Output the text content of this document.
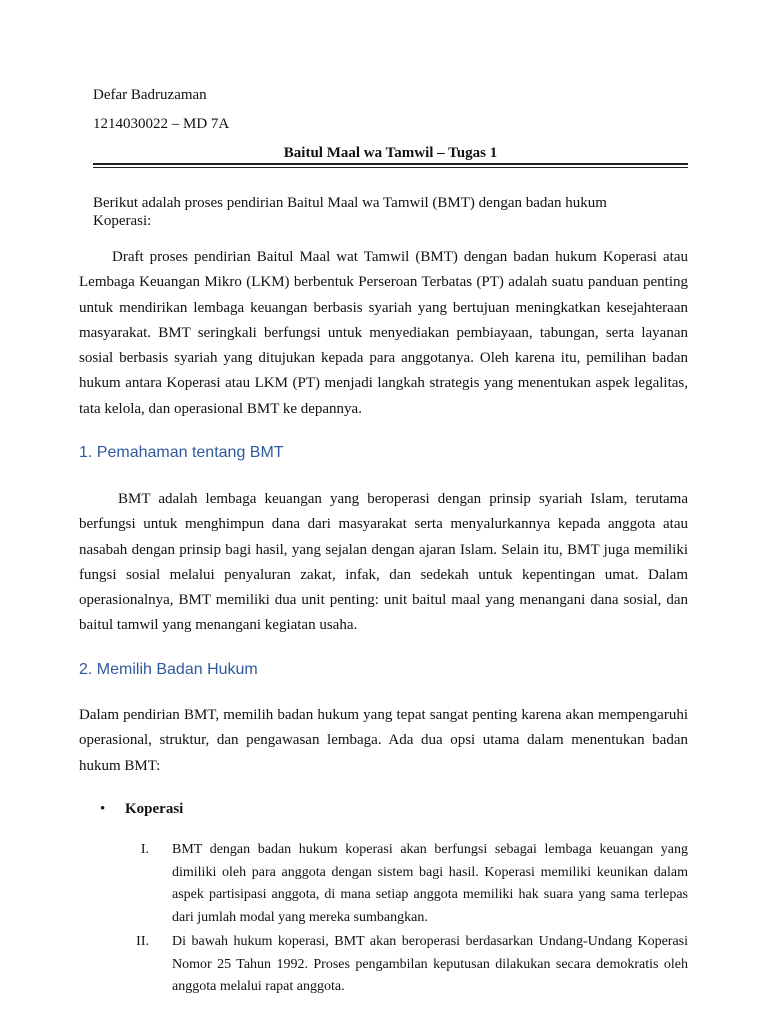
Defar Badruzaman
1214030022 – MD 7A
Baitul Maal wa Tamwil – Tugas 1
Berikut adalah proses pendirian Baitul Maal wa Tamwil (BMT) dengan badan hukum Koperasi:

Draft proses pendirian Baitul Maal wat Tamwil (BMT) dengan badan hukum Koperasi atau Lembaga Keuangan Mikro (LKM) berbentuk Perseroan Terbatas (PT) adalah suatu panduan penting untuk mendirikan lembaga keuangan berbasis syariah yang bertujuan meningkatkan kesejahteraan masyarakat. BMT seringkali berfungsi untuk menyediakan pembiayaan, tabungan, serta layanan sosial berbasis syariah yang ditujukan kepada para anggotanya. Oleh karena itu, pemilihan badan hukum antara Koperasi atau LKM (PT) menjadi langkah strategis yang menentukan aspek legalitas, tata kelola, dan operasional BMT ke depannya.

1. Pemahaman tentang BMT

BMT adalah lembaga keuangan yang beroperasi dengan prinsip syariah Islam, terutama berfungsi untuk menghimpun dana dari masyarakat serta menyalurkannya kepada anggota atau nasabah dengan prinsip bagi hasil, yang sejalan dengan ajaran Islam. Selain itu, BMT juga memiliki fungsi sosial melalui penyaluran zakat, infak, dan sedekah untuk kepentingan umat. Dalam operasionalnya, BMT memiliki dua unit penting: unit baitul maal yang menangani dana sosial, dan baitul tamwil yang menangani kegiatan usaha.

2. Memilih Badan Hukum

Dalam pendirian BMT, memilih badan hukum yang tepat sangat penting karena akan mempengaruhi operasional, struktur, dan pengawasan lembaga. Ada dua opsi utama dalam menentukan badan hukum BMT:

• Koperasi
I. BMT dengan badan hukum koperasi akan berfungsi sebagai lembaga keuangan yang dimiliki oleh para anggota dengan sistem bagi hasil. Koperasi memiliki keunikan dalam aspek partisipasi anggota, di mana setiap anggota memiliki hak suara yang sama terlepas dari jumlah modal yang mereka sumbangkan.
II. Di bawah hukum koperasi, BMT akan beroperasi berdasarkan Undang-Undang Koperasi Nomor 25 Tahun 1992. Proses pengambilan keputusan dilakukan secara demokratis oleh anggota melalui rapat anggota.
